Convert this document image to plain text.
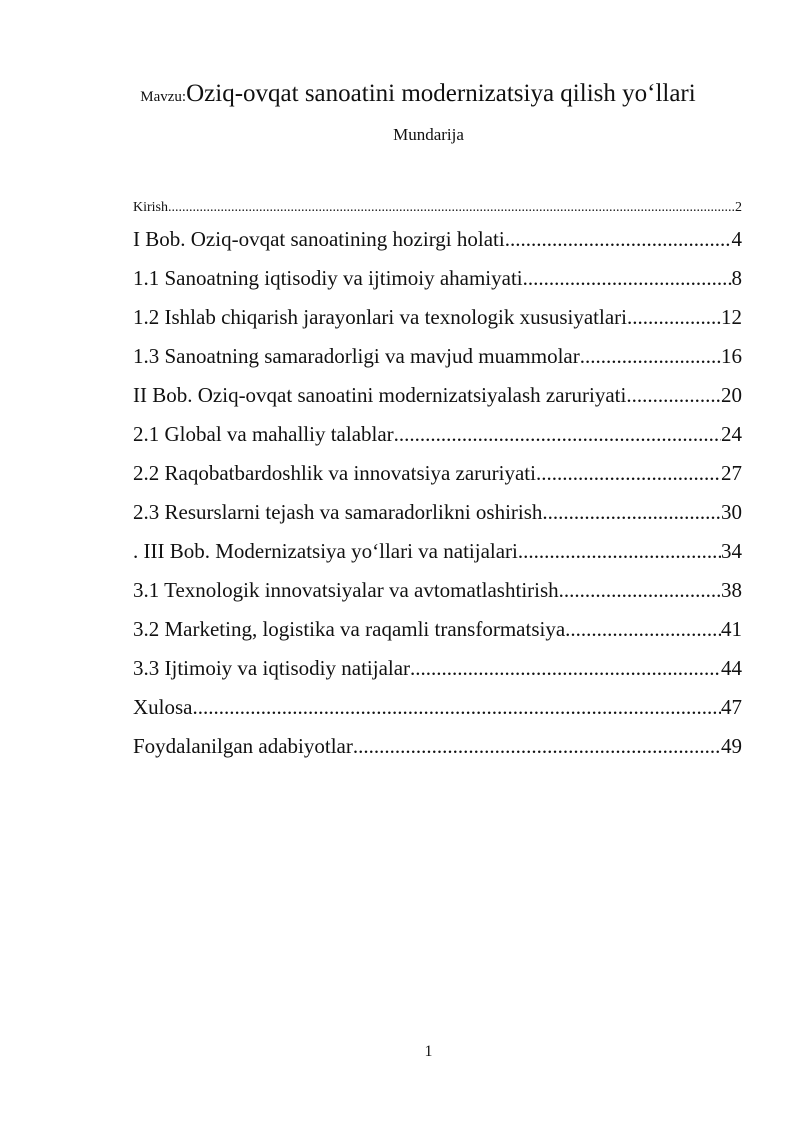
Mavzu:Oziq-ovqat sanoatini modernizatsiya qilish yo‘llari
Mundarija
Kirish .....	2
I Bob. Oziq-ovqat sanoatining hozirgi holati .....	4
1.1 Sanoatning iqtisodiy va ijtimoiy ahamiyati .....	8
1.2 Ishlab chiqarish jarayonlari va texnologik xususiyatlari. .....	12
1.3 Sanoatning samaradorligi va mavjud muammolar .....	16
II Bob. Oziq-ovqat sanoatini modernizatsiyalash zaruriyati. .....	20
2.1 Global va mahalliy talablar .....	24
2.2 Raqobatbardoshlik va innovatsiya zaruriyati .....	27
2.3 Resurslarni tejash va samaradorlikni oshirish .....	30
. III Bob. Modernizatsiya yo‘llari va natijalari .....	34
3.1 Texnologik innovatsiyalar va avtomatlashtirish .....	38
3.2 Marketing, logistika va raqamli transformatsiya .....	41
3.3 Ijtimoiy va iqtisodiy natijalar .....	44
Xulosa .....	47
Foydalanilgan adabiyotlar .....	49
1
